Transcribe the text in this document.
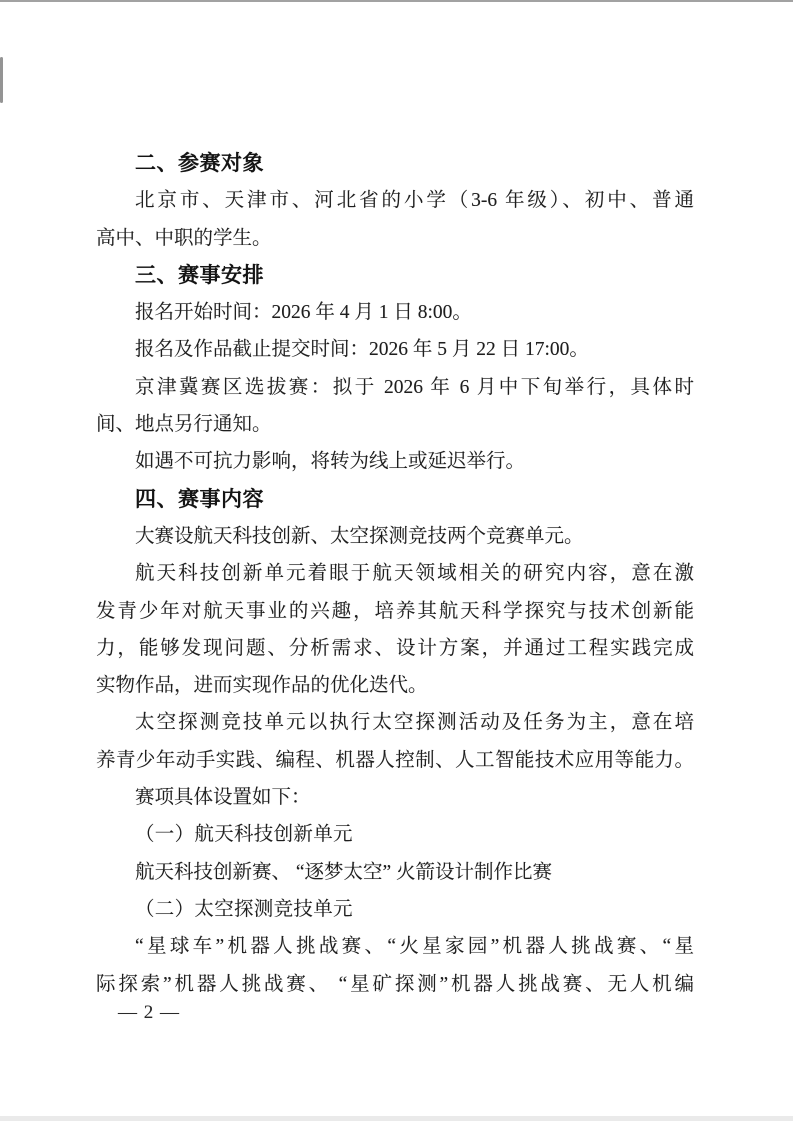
二、参赛对象
北京市、天津市、河北省的小学（3-6 年级）、初中、普通
高中、中职的学生。
三、赛事安排
报名开始时间：2026 年 4 月 1 日 8:00。
报名及作品截止提交时间：2026 年 5 月 22 日 17:00。
京津冀赛区选拔赛：拟于 2026 年 6 月中下旬举行，具体时
间、地点另行通知。
如遇不可抗力影响，将转为线上或延迟举行。
四、赛事内容
大赛设航天科技创新、太空探测竞技两个竞赛单元。
航天科技创新单元着眼于航天领域相关的研究内容，意在激
发青少年对航天事业的兴趣，培养其航天科学探究与技术创新能
力，能够发现问题、分析需求、设计方案，并通过工程实践完成
实物作品，进而实现作品的优化迭代。
太空探测竞技单元以执行太空探测活动及任务为主，意在培
养青少年动手实践、编程、机器人控制、人工智能技术应用等能力。
赛项具体设置如下：
（一）航天科技创新单元
航天科技创新赛、 “逐梦太空” 火箭设计制作比赛
（二）太空探测竞技单元
“星球车”机器人挑战赛、“火星家园”机器人挑战赛、“星
际探索”机器人挑战赛、 “星矿探测”机器人挑战赛、无人机编
— 2 —
